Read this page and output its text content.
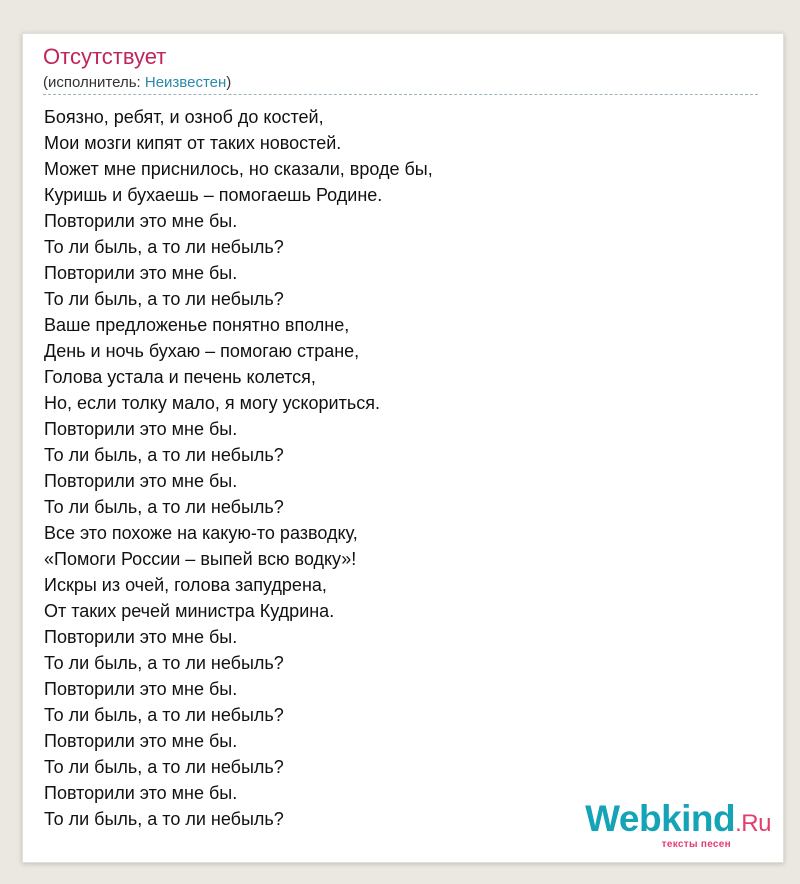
Отсутствует
(исполнитель: Неизвестен)
Боязно, ребят, и озноб до костей,
Мои мозги кипят от таких новостей.
Может мне приснилось, но сказали, вроде бы,
Куришь и бухаешь – помогаешь Родине.
Повторили это мне бы.
То ли быль, а то ли небыль?
Повторили это мне бы.
То ли быль, а то ли небыль?
Ваше предложенье понятно вполне,
День и ночь бухаю – помогаю стране,
Голова устала и печень колется,
Но, если толку мало, я могу ускориться.
Повторили это мне бы.
То ли быль, а то ли небыль?
Повторили это мне бы.
То ли быль, а то ли небыль?
Все это похоже на какую-то разводку,
«Помоги России – выпей всю водку»!
Искры из очей, голова запудрена,
От таких речей министра Кудрина.
Повторили это мне бы.
То ли быль, а то ли небыль?
Повторили это мне бы.
То ли быль, а то ли небыль?
Повторили это мне бы.
То ли быль, а то ли небыль?
Повторили это мне бы.
То ли быль, а то ли небыль?	Webkind.Ru
тексты песен
